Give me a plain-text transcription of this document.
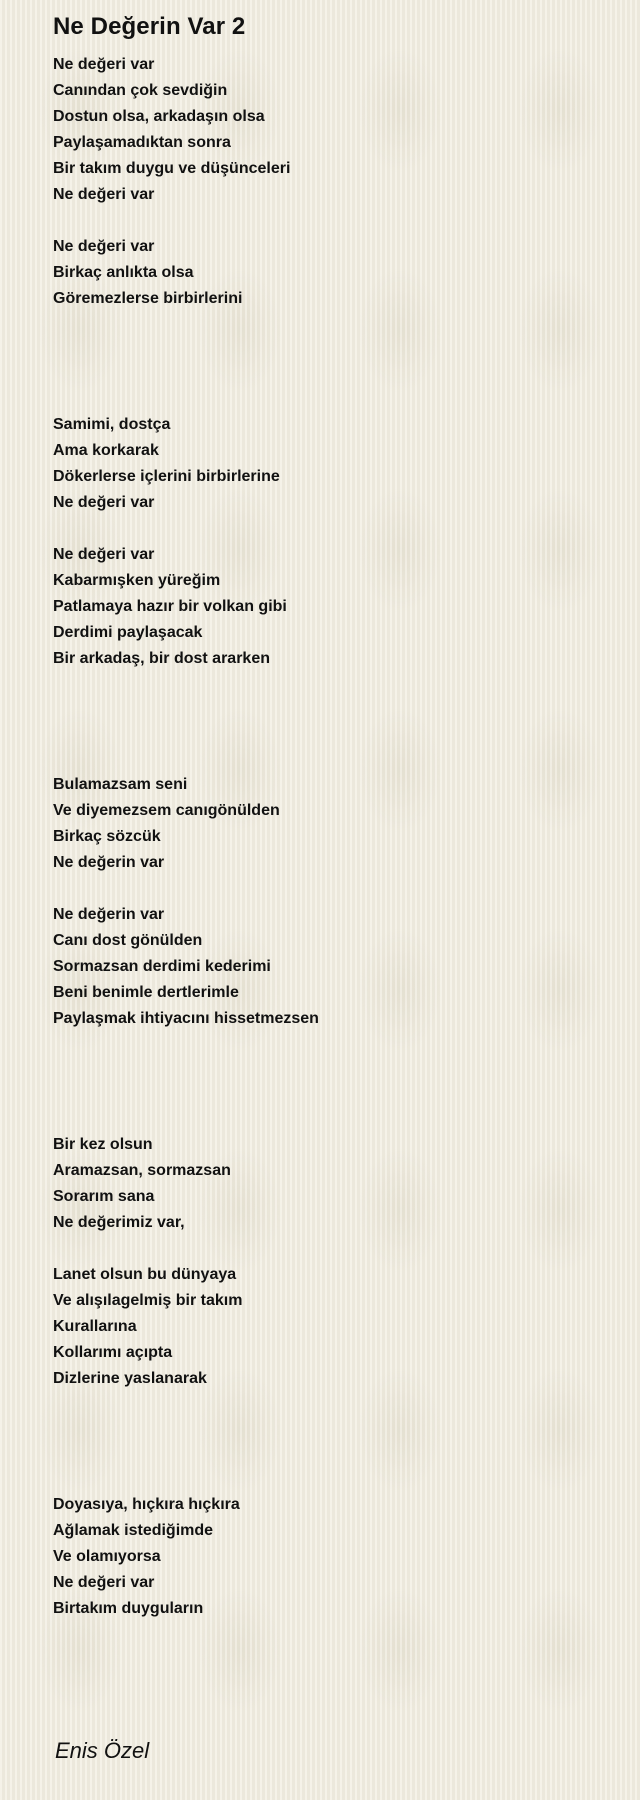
Ne Değerin Var 2
Ne değeri var
Canından çok sevdiğin
Dostun olsa, arkadaşın olsa
Paylaşamadıktan sonra
Bir takım duygu ve düşünceleri
Ne değeri var
Ne değeri var
Birkaç anlıkta olsa
Göremezlerse birbirlerini
Samimi, dostça
Ama korkarak
Dökerlerse içlerini birbirlerine
Ne değeri var
Ne değeri var
Kabarmışken yüreğim
Patlamaya hazır bir volkan gibi
Derdimi paylaşacak
Bir arkadaş, bir dost ararken
Bulamazsam seni
Ve diyemezsem canıgönülden
Birkaç sözcük
Ne değerin var
Ne değerin var
Canı dost gönülden
Sormazsan derdimi kederimi
Beni benimle dertlerimle
Paylaşmak ihtiyacını hissetmezsen
Bir kez olsun
Aramazsan, sormazsan
Sorarım sana
Ne değerimiz var,
Lanet olsun bu dünyaya
Ve alışılagelmiş bir takım
Kurallarına
Kollarımı açıpta
Dizlerine yaslanarak
Doyasıya, hıçkıra hıçkıra
Ağlamak istediğimde
Ve olamıyorsa
Ne değeri var
Birtakım duyguların
Enis Özel
